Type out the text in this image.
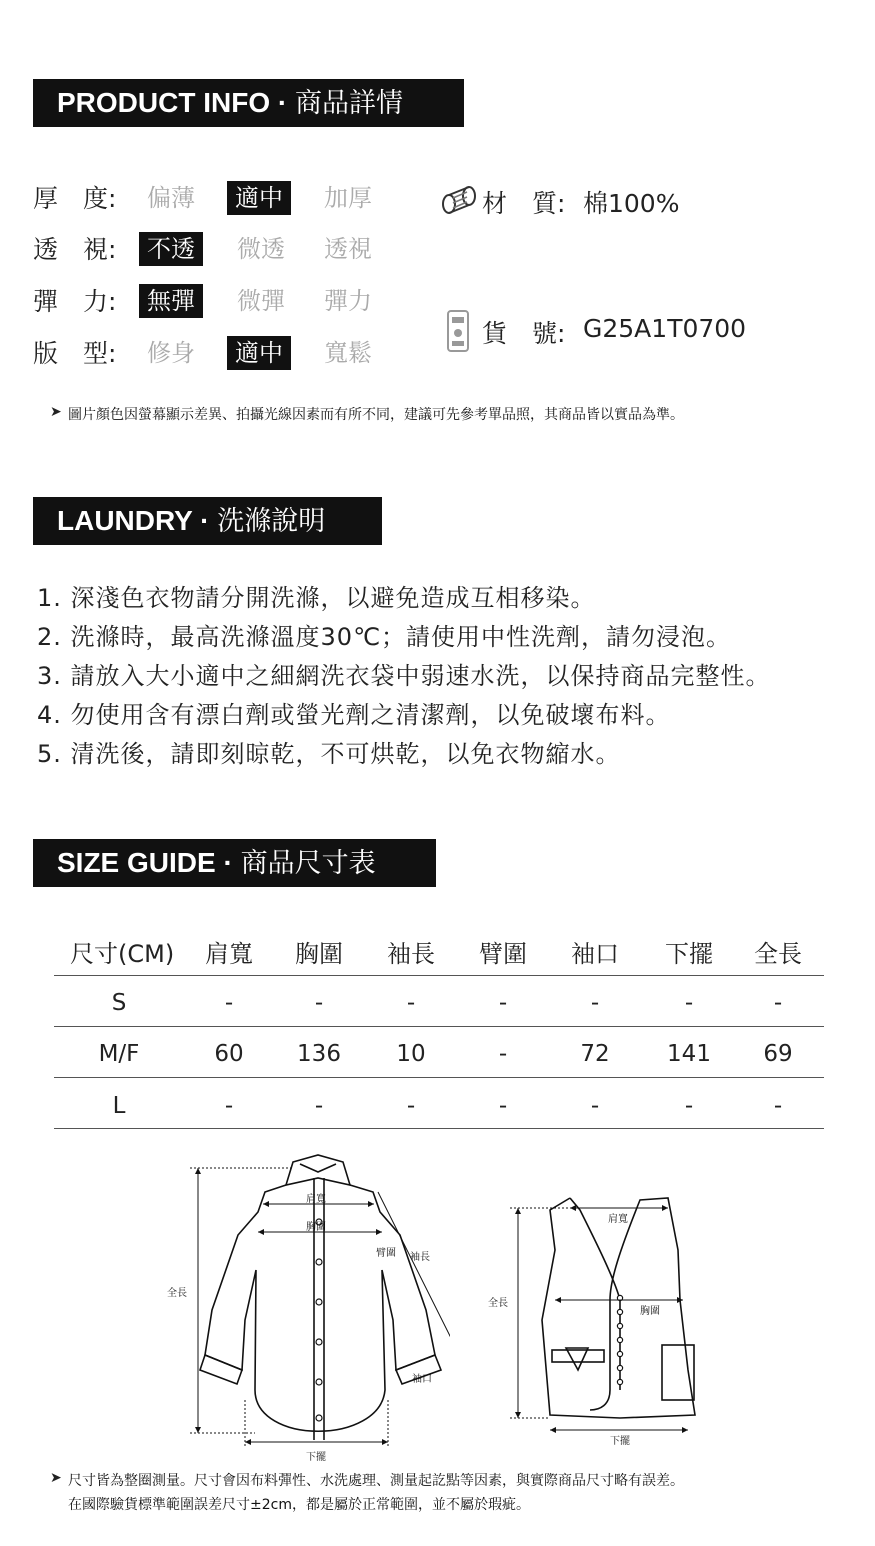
PRODUCT INFO · 商品詳情
厚　度:	偏薄	適中	加厚
透　視:	不透	微透 透視
彈　力:	無彈	微彈 彈力
版　型:	修身	適中	寬鬆
材　質: 棉100%
貨　號: G25A1T0700
➤ 圖片顏色因螢幕顯示差異、拍攝光線因素而有所不同，建議可先參考單品照，其商品皆以實品為準。
LAUNDRY · 洗滌說明
1. 深淺色衣物請分開洗滌，以避免造成互相移染。
2. 洗滌時，最高洗滌溫度30℃；請使用中性洗劑，請勿浸泡。
3. 請放入大小適中之細網洗衣袋中弱速水洗，以保持商品完整性。
4. 勿使用含有漂白劑或螢光劑之清潔劑，以免破壞布料。
5. 清洗後，請即刻晾乾，不可烘乾，以免衣物縮水。
SIZE GUIDE · 商品尺寸表
尺寸(CM)	肩寬	胸圍	袖長	臂圍	袖口	下擺	全長
S	-	-	-	-	-	-	-
M/F	60	136	10	-	72	141	69
L	-	-	-	-	-	-	-
肩寬
胸圍
臂圍 袖長
全長
袖口
下擺
肩寬
胸圍
全長
下擺
➤ 尺寸皆為整圈測量。尺寸會因布料彈性、水洗處理、測量起訖點等因素，與實際商品尺寸略有誤差。
在國際驗貨標準範圍誤差尺寸±2cm，都是屬於正常範圍，並不屬於瑕疵。
